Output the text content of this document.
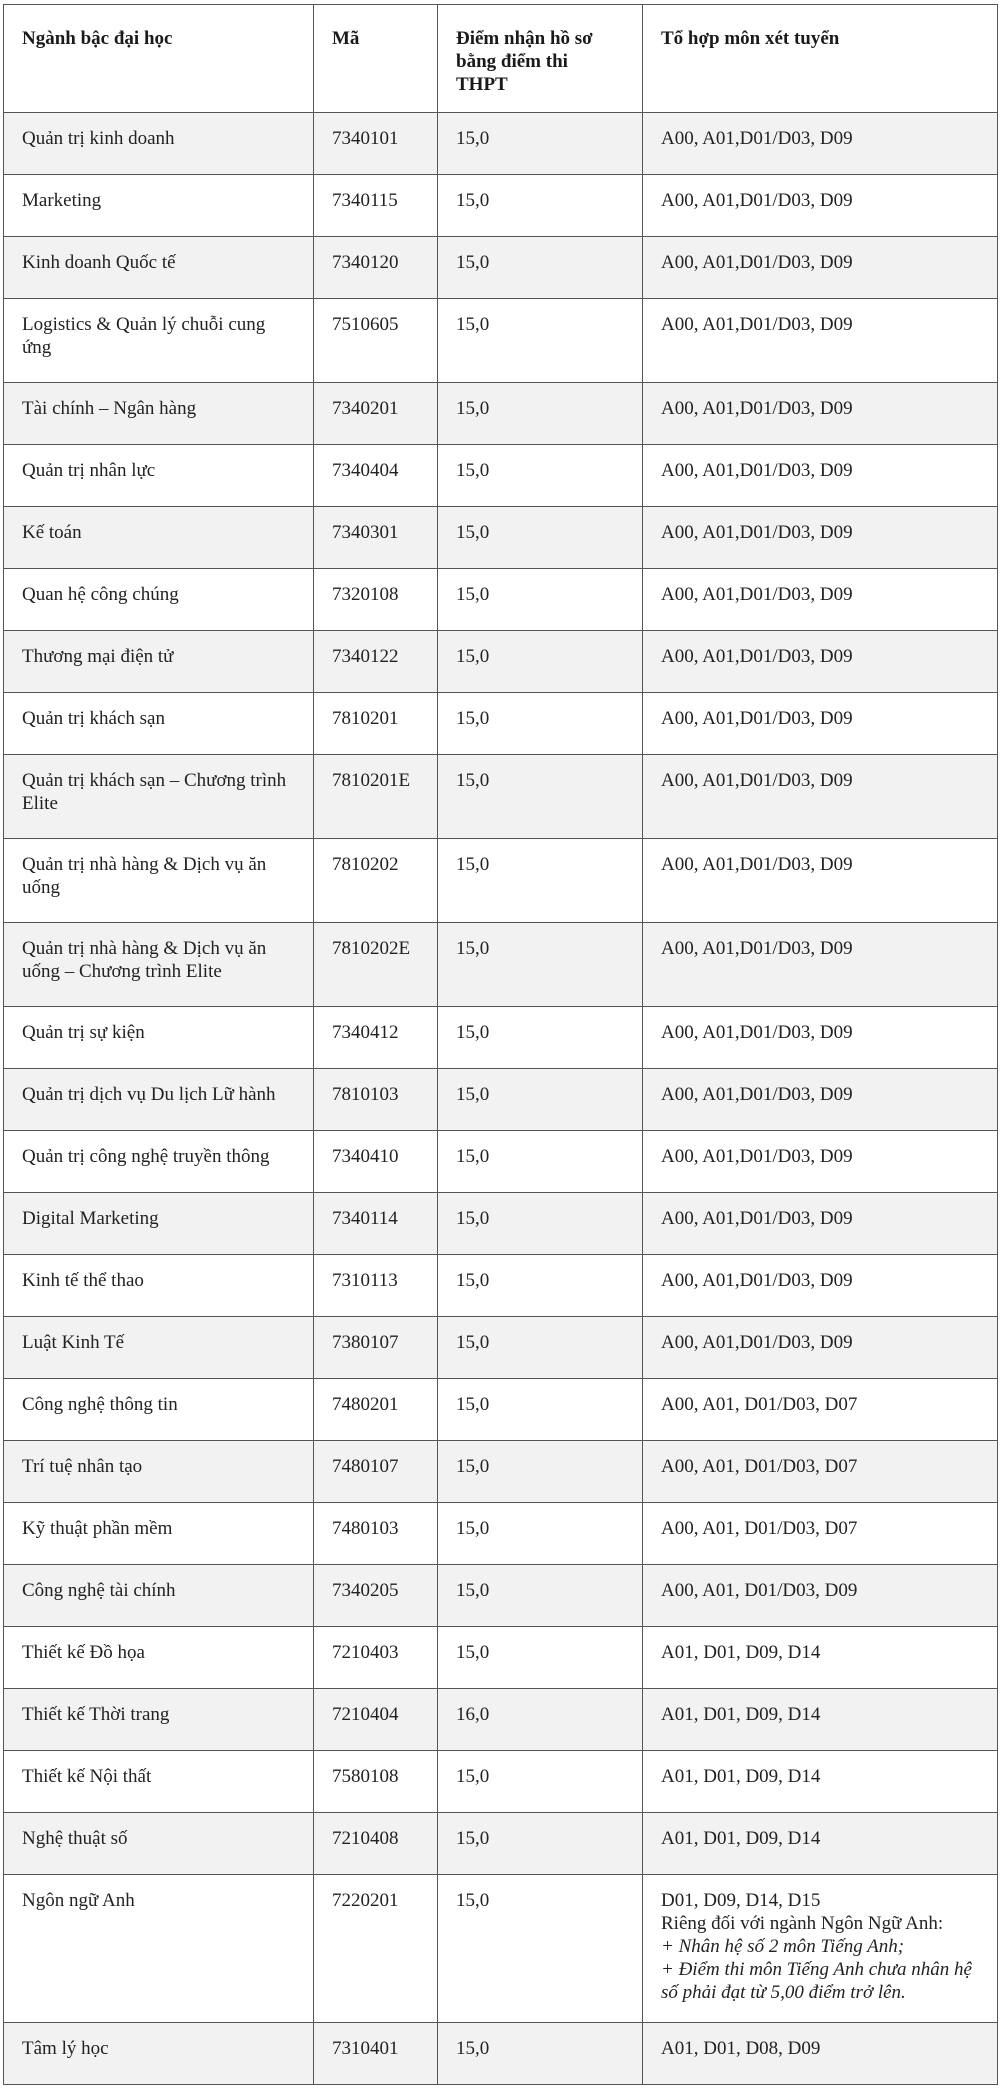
Ngành bậc đại học	Mã	Điểm nhận hồ sơ bằng điểm thi THPT	Tổ hợp môn xét tuyển
Quản trị kinh doanh	7340101	15,0	A00, A01,D01/D03, D09
Marketing	7340115	15,0	A00, A01,D01/D03, D09
Kinh doanh Quốc tế	7340120	15,0	A00, A01,D01/D03, D09
Logistics & Quản lý chuỗi cung ứng	7510605	15,0	A00, A01,D01/D03, D09
Tài chính – Ngân hàng	7340201	15,0	A00, A01,D01/D03, D09
Quản trị nhân lực	7340404	15,0	A00, A01,D01/D03, D09
Kế toán	7340301	15,0	A00, A01,D01/D03, D09
Quan hệ công chúng	7320108	15,0	A00, A01,D01/D03, D09
Thương mại điện tử	7340122	15,0	A00, A01,D01/D03, D09
Quản trị khách sạn	7810201	15,0	A00, A01,D01/D03, D09
Quản trị khách sạn – Chương trình Elite	7810201E	15,0	A00, A01,D01/D03, D09
Quản trị nhà hàng & Dịch vụ ăn uống	7810202	15,0	A00, A01,D01/D03, D09
Quản trị nhà hàng & Dịch vụ ăn uống – Chương trình Elite	7810202E	15,0	A00, A01,D01/D03, D09
Quản trị sự kiện	7340412	15,0	A00, A01,D01/D03, D09
Quản trị dịch vụ Du lịch Lữ hành	7810103	15,0	A00, A01,D01/D03, D09
Quản trị công nghệ truyền thông	7340410	15,0	A00, A01,D01/D03, D09
Digital Marketing	7340114	15,0	A00, A01,D01/D03, D09
Kinh tế thể thao	7310113	15,0	A00, A01,D01/D03, D09
Luật Kinh Tế	7380107	15,0	A00, A01,D01/D03, D09
Công nghệ thông tin	7480201	15,0	A00, A01, D01/D03, D07
Trí tuệ nhân tạo	7480107	15,0	A00, A01, D01/D03, D07
Kỹ thuật phần mềm	7480103	15,0	A00, A01, D01/D03, D07
Công nghệ tài chính	7340205	15,0	A00, A01, D01/D03, D09
Thiết kế Đồ họa	7210403	15,0	A01, D01, D09, D14
Thiết kế Thời trang	7210404	16,0	A01, D01, D09, D14
Thiết kế Nội thất	7580108	15,0	A01, D01, D09, D14
Nghệ thuật số	7210408	15,0	A01, D01, D09, D14
Ngôn ngữ Anh	7220201	15,0	D01, D09, D14, D15
Riêng đối với ngành Ngôn Ngữ Anh:
+ Nhân hệ số 2 môn Tiếng Anh;
+ Điểm thi môn Tiếng Anh chưa nhân hệ số phải đạt từ 5,00 điểm trở lên.

Tâm lý học	7310401	15,0	A01, D01, D08, D09
